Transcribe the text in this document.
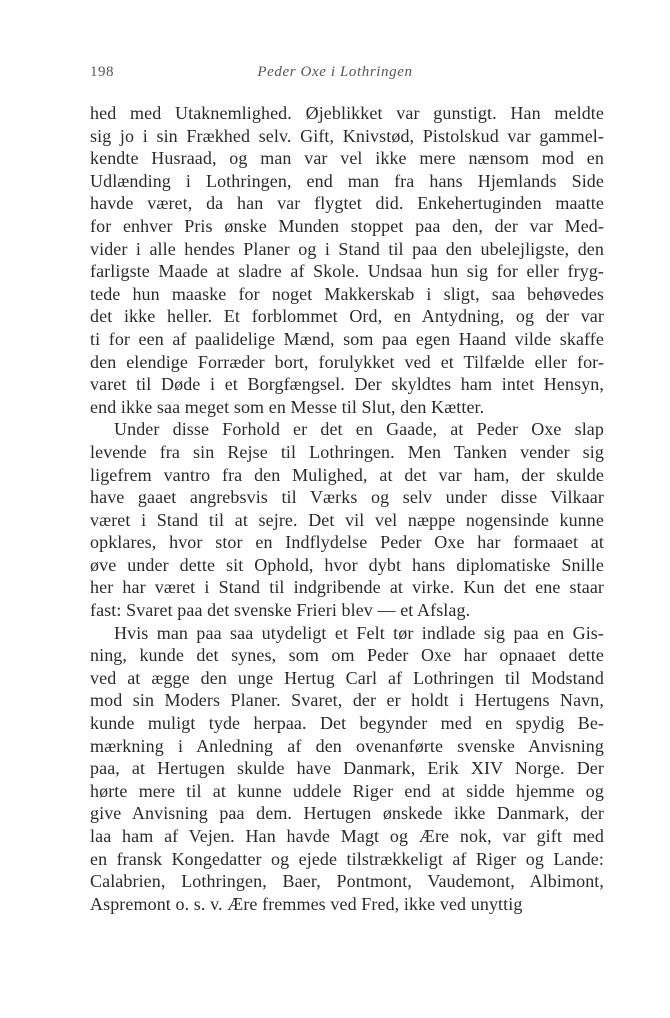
198	Peder Oxe i Lothringen
hed med Utaknemlighed. Øjeblikket var gunstigt. Han meldte
sig jo i sin Frækhed selv. Gift, Knivstød, Pistolskud var gammel-
kendte Husraad, og man var vel ikke mere nænsom mod en
Udlænding i Lothringen, end man fra hans Hjemlands Side
havde været, da han var flygtet did. Enkehertuginden maatte
for enhver Pris ønske Munden stoppet paa den, der var Med-
vider i alle hendes Planer og i Stand til paa den ubelejligste, den
farligste Maade at sladre af Skole. Undsaa hun sig for eller fryg-
tede hun maaske for noget Makkerskab i sligt, saa behøvedes
det ikke heller. Et forblommet Ord, en Antydning, og der var
ti for een af paalidelige Mænd, som paa egen Haand vilde skaffe
den elendige Forræder bort, forulykket ved et Tilfælde eller for-
varet til Døde i et Borgfængsel. Der skyldtes ham intet Hensyn,
end ikke saa meget som en Messe til Slut, den Kætter.
Under disse Forhold er det en Gaade, at Peder Oxe slap
levende fra sin Rejse til Lothringen. Men Tanken vender sig
ligefrem vantro fra den Mulighed, at det var ham, der skulde
have gaaet angrebsvis til Værks og selv under disse Vilkaar
været i Stand til at sejre. Det vil vel næppe nogensinde kunne
opklares, hvor stor en Indflydelse Peder Oxe har formaaet at
øve under dette sit Ophold, hvor dybt hans diplomatiske Snille
her har været i Stand til indgribende at virke. Kun det ene staar
fast: Svaret paa det svenske Frieri blev — et Afslag.
Hvis man paa saa utydeligt et Felt tør indlade sig paa en Gis-
ning, kunde det synes, som om Peder Oxe har opnaaet dette
ved at ægge den unge Hertug Carl af Lothringen til Modstand
mod sin Moders Planer. Svaret, der er holdt i Hertugens Navn,
kunde muligt tyde herpaa. Det begynder med en spydig Be-
mærkning i Anledning af den ovenanførte svenske Anvisning
paa, at Hertugen skulde have Danmark, Erik XIV Norge. Der
hørte mere til at kunne uddele Riger end at sidde hjemme og
give Anvisning paa dem. Hertugen ønskede ikke Danmark, der
laa ham af Vejen. Han havde Magt og Ære nok, var gift med
en fransk Kongedatter og ejede tilstrækkeligt af Riger og Lande:
Calabrien, Lothringen, Baer, Pontmont, Vaudemont, Albimont,
Aspremont o. s. v. Ære fremmes ved Fred, ikke ved unyttig
